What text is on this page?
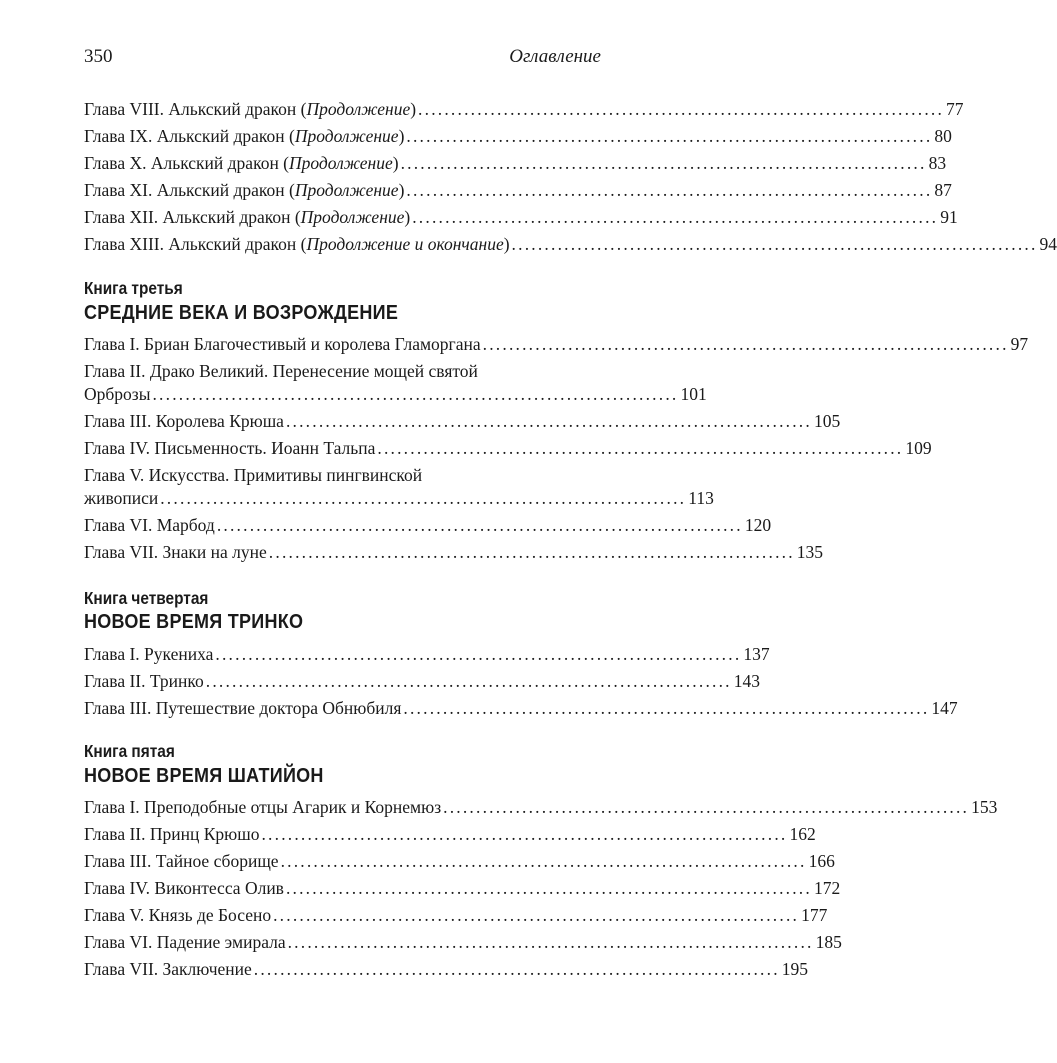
350	Оглавление
Глава VIII. Алькский дракон (Продолжение) ................................................................................ 77
Глава IX. Алькский дракон (Продолжение) ................................................................................ 80
Глава X. Алькский дракон (Продолжение) ................................................................................ 83
Глава XI. Алькский дракон (Продолжение) ................................................................................ 87
Глава XII. Алькский дракон (Продолжение) ................................................................................ 91
Глава XIII. Алькский дракон (Продолжение и окончание) ................................................................................ 94
Книга третья
СРЕДНИЕ ВЕКА И ВОЗРОЖДЕНИЕ
Глава I. Бриан Благочестивый и королева Гламоргана ................................................................................ 97
Глава II. Драко Великий. Перенесение мощей святой
Орброзы ................................................................................ 101
Глава III. Королева Крюша ................................................................................ 105
Глава IV. Письменность. Иоанн Тальпа ................................................................................ 109
Глава V. Искусства. Примитивы пингвинской
живописи ................................................................................ 113
Глава VI. Марбод ................................................................................ 120
Глава VII. Знаки на луне ................................................................................ 135
Книга четвертая
НОВОЕ ВРЕМЯ ТРИНКО
Глава I. Рукениха ................................................................................ 137
Глава II. Тринко ................................................................................ 143
Глава III. Путешествие доктора Обнюбиля ................................................................................ 147
Книга пятая
НОВОЕ ВРЕМЯ ШАТИЙОН
Глава I. Преподобные отцы Агарик и Корнемюз ................................................................................ 153
Глава II. Принц Крюшо ................................................................................ 162
Глава III. Тайное сборище ................................................................................ 166
Глава IV. Виконтесса Олив ................................................................................ 172
Глава V. Князь де Босено ................................................................................ 177
Глава VI. Падение эмирала ................................................................................ 185
Глава VII. Заключение ................................................................................ 195
